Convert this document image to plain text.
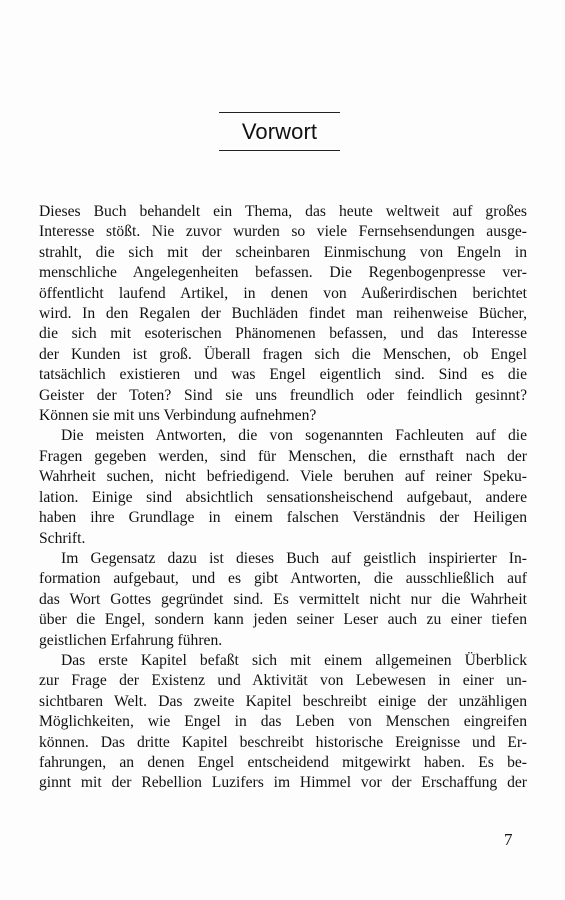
Vorwort

Dieses Buch behandelt ein Thema, das heute weltweit auf großes
Interesse stößt. Nie zuvor wurden so viele Fernsehsendungen ausge-
strahlt, die sich mit der scheinbaren Einmischung von Engeln in
menschliche Angelegenheiten befassen. Die Regenbogenpresse ver-
öffentlicht laufend Artikel, in denen von Außerirdischen berichtet
wird. In den Regalen der Buchläden findet man reihenweise Bücher,
die sich mit esoterischen Phänomenen befassen, und das Interesse
der Kunden ist groß. Überall fragen sich die Menschen, ob Engel
tatsächlich existieren und was Engel eigentlich sind. Sind es die
Geister der Toten? Sind sie uns freundlich oder feindlich gesinnt?
Können sie mit uns Verbindung aufnehmen?

Die meisten Antworten, die von sogenannten Fachleuten auf die
Fragen gegeben werden, sind für Menschen, die ernsthaft nach der
Wahrheit suchen, nicht befriedigend. Viele beruhen auf reiner Speku-
lation. Einige sind absichtlich sensationsheischend aufgebaut, andere
haben ihre Grundlage in einem falschen Verständnis der Heiligen
Schrift.

Im Gegensatz dazu ist dieses Buch auf geistlich inspirierter In-
formation aufgebaut, und es gibt Antworten, die ausschließlich auf
das Wort Gottes gegründet sind. Es vermittelt nicht nur die Wahrheit
über die Engel, sondern kann jeden seiner Leser auch zu einer tiefen
geistlichen Erfahrung führen.

Das erste Kapitel befaßt sich mit einem allgemeinen Überblick
zur Frage der Existenz und Aktivität von Lebewesen in einer un-
sichtbaren Welt. Das zweite Kapitel beschreibt einige der unzähligen
Möglichkeiten, wie Engel in das Leben von Menschen eingreifen
können. Das dritte Kapitel beschreibt historische Ereignisse und Er-
fahrungen, an denen Engel entscheidend mitgewirkt haben. Es be-
ginnt mit der Rebellion Luzifers im Himmel vor der Erschaffung der

7
